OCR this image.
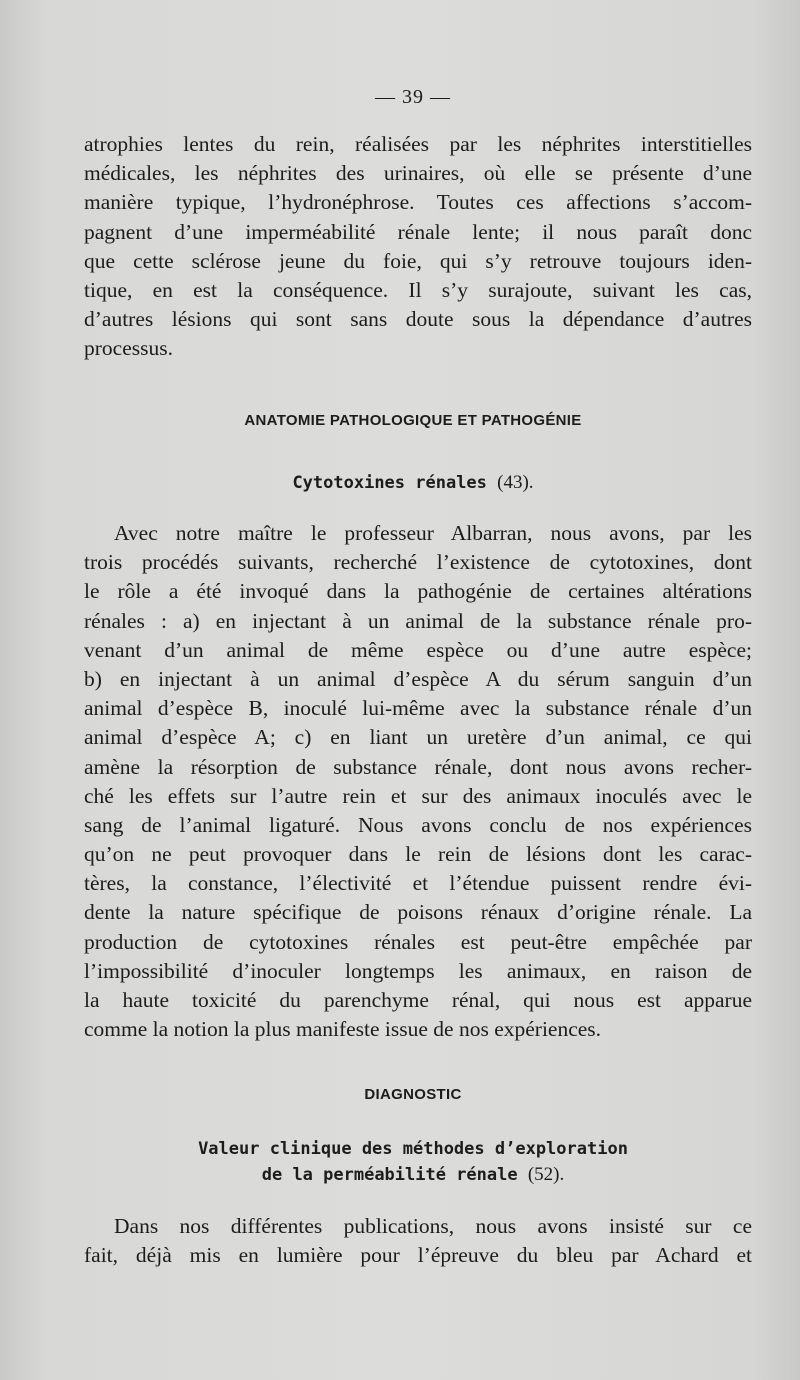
— 39 —
atrophies lentes du rein, réalisées par les néphrites interstitielles
médicales, les néphrites des urinaires, où elle se présente d’une
manière typique, l’hydronéphrose. Toutes ces affections s’accom-
pagnent d’une imperméabilité rénale lente; il nous paraît donc
que cette sclérose jeune du foie, qui s’y retrouve toujours iden-
tique, en est la conséquence. Il s’y surajoute, suivant les cas,
d’autres lésions qui sont sans doute sous la dépendance d’autres
processus.
ANATOMIE PATHOLOGIQUE ET PATHOGÉNIE
Cytotoxines rénales (43).
Avec notre maître le professeur Albarran, nous avons, par les
trois procédés suivants, recherché l’existence de cytotoxines, dont
le rôle a été invoqué dans la pathogénie de certaines altérations
rénales : a) en injectant à un animal de la substance rénale pro-
venant d’un animal de même espèce ou d’une autre espèce;
b) en injectant à un animal d’espèce A du sérum sanguin d’un
animal d’espèce B, inoculé lui-même avec la substance rénale d’un
animal d’espèce A; c) en liant un uretère d’un animal, ce qui
amène la résorption de substance rénale, dont nous avons recher-
ché les effets sur l’autre rein et sur des animaux inoculés avec le
sang de l’animal ligaturé. Nous avons conclu de nos expériences
qu’on ne peut provoquer dans le rein de lésions dont les carac-
tères, la constance, l’électivité et l’étendue puissent rendre évi-
dente la nature spécifique de poisons rénaux d’origine rénale. La
production de cytotoxines rénales est peut-être empêchée par
l’impossibilité d’inoculer longtemps les animaux, en raison de
la haute toxicité du parenchyme rénal, qui nous est apparue
comme la notion la plus manifeste issue de nos expériences.
DIAGNOSTIC
Valeur clinique des méthodes d’exploration
de la perméabilité rénale (52).
Dans nos différentes publications, nous avons insisté sur ce
fait, déjà mis en lumière pour l’épreuve du bleu par Achard et
